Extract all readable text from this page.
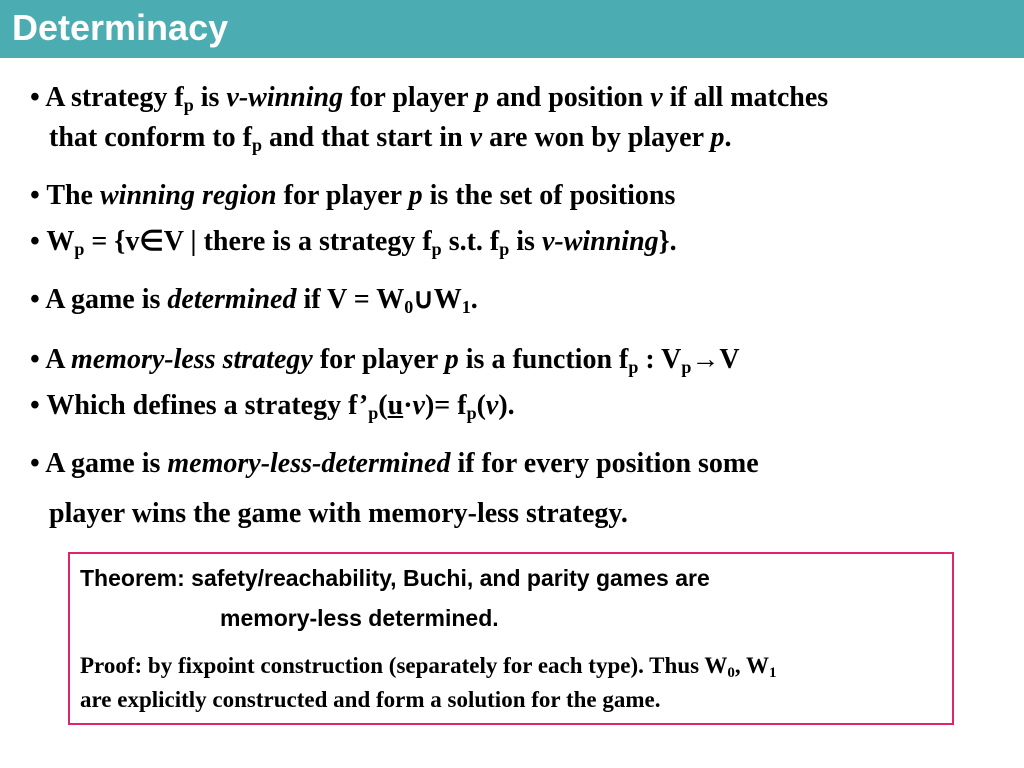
Determinacy
• A strategy $f_p$ is v-winning for player p and position v if all matches
that conform to $f_p$ and that start in v are won by player p.
• The winning region for player p is the set of positions
• $W_p$ = {v∈V | there is a strategy $f_p$ s.t. $f_p$ is v-winning}.
• A game is determined if $V = W_0\cup W_1$.
• A memory-less strategy for player p is a function $f_p$ : $V_p\to V$
• Which defines a strategy $f’_p(u\cdot v)= f_p(v)$.
• A game is memory-less-determined if for every position some
player wins the game with memory-less strategy.
Theorem: safety/reachability, Buchi, and parity games are
memory-less determined.
Proof: by fixpoint construction (separately for each type). Thus $W_0$, $W_1$
are explicitly constructed and form a solution for the game.
